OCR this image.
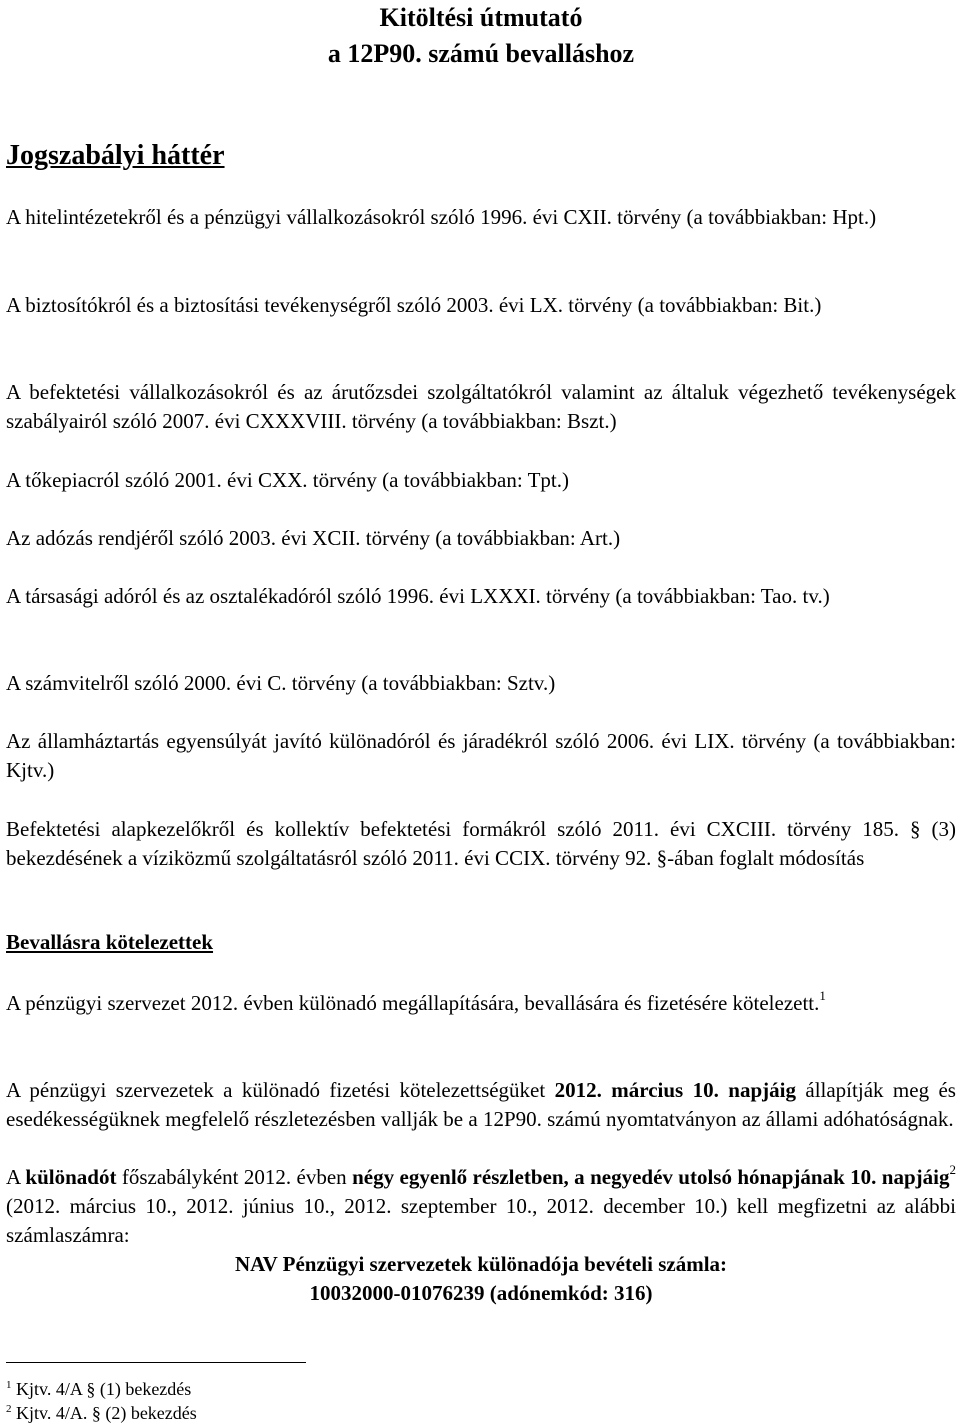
Kitöltési útmutató

a 12P90. számú bevalláshoz

Jogszabályi háttér

A hitelintézetekről és a pénzügyi vállalkozásokról szóló 1996. évi CXII. törvény (a továbbiakban: Hpt.)

A biztosítókról és a biztosítási tevékenységről szóló 2003. évi LX. törvény (a továbbiakban: Bit.)

A befektetési vállalkozásokról és az árutőzsdei szolgáltatókról valamint az általuk végezhető tevékenységek szabályairól szóló 2007. évi CXXXVIII. törvény (a továbbiakban: Bszt.)

A tőkepiacról szóló 2001. évi CXX. törvény (a továbbiakban: Tpt.)

Az adózás rendjéről szóló 2003. évi XCII. törvény (a továbbiakban: Art.)

A társasági adóról és az osztalékadóról szóló 1996. évi LXXXI. törvény (a továbbiakban: Tao. tv.)

A számvitelről szóló 2000. évi C. törvény (a továbbiakban: Sztv.)

Az államháztartás egyensúlyát javító különadóról és járadékról szóló 2006. évi LIX. törvény (a továbbiakban: Kjtv.)

Befektetési alapkezelőkről és kollektív befektetési formákról szóló 2011. évi CXCIII. törvény 185. § (3) bekezdésének a víziközmű szolgáltatásról szóló 2011. évi CCIX. törvény 92. §-ában foglalt módosítás

Bevallásra kötelezettek

A pénzügyi szervezet 2012. évben különadó megállapítására, bevallására és fizetésére kötelezett.$^1$

A pénzügyi szervezetek a különadó fizetési kötelezettségüket 2012. március 10. napjáig állapítják meg és esedékességüknek megfelelő részletezésben vallják be a 12P90. számú nyomtatványon az állami adóhatóságnak.

A különadót főszabályként 2012. évben négy egyenlő részletben, a negyedév utolsó hónapjának 10. napjáig$^2$ (2012. március 10., 2012. június 10., 2012. szeptember 10., 2012. december 10.) kell megfizetni az alábbi számlaszámra:

NAV Pénzügyi szervezetek különadója bevételi számla:

10032000-01076239 (adónemkód: 316)

$^1$ Kjtv. 4/A § (1) bekezdés

$^2$ Kjtv. 4/A. § (2) bekezdés
